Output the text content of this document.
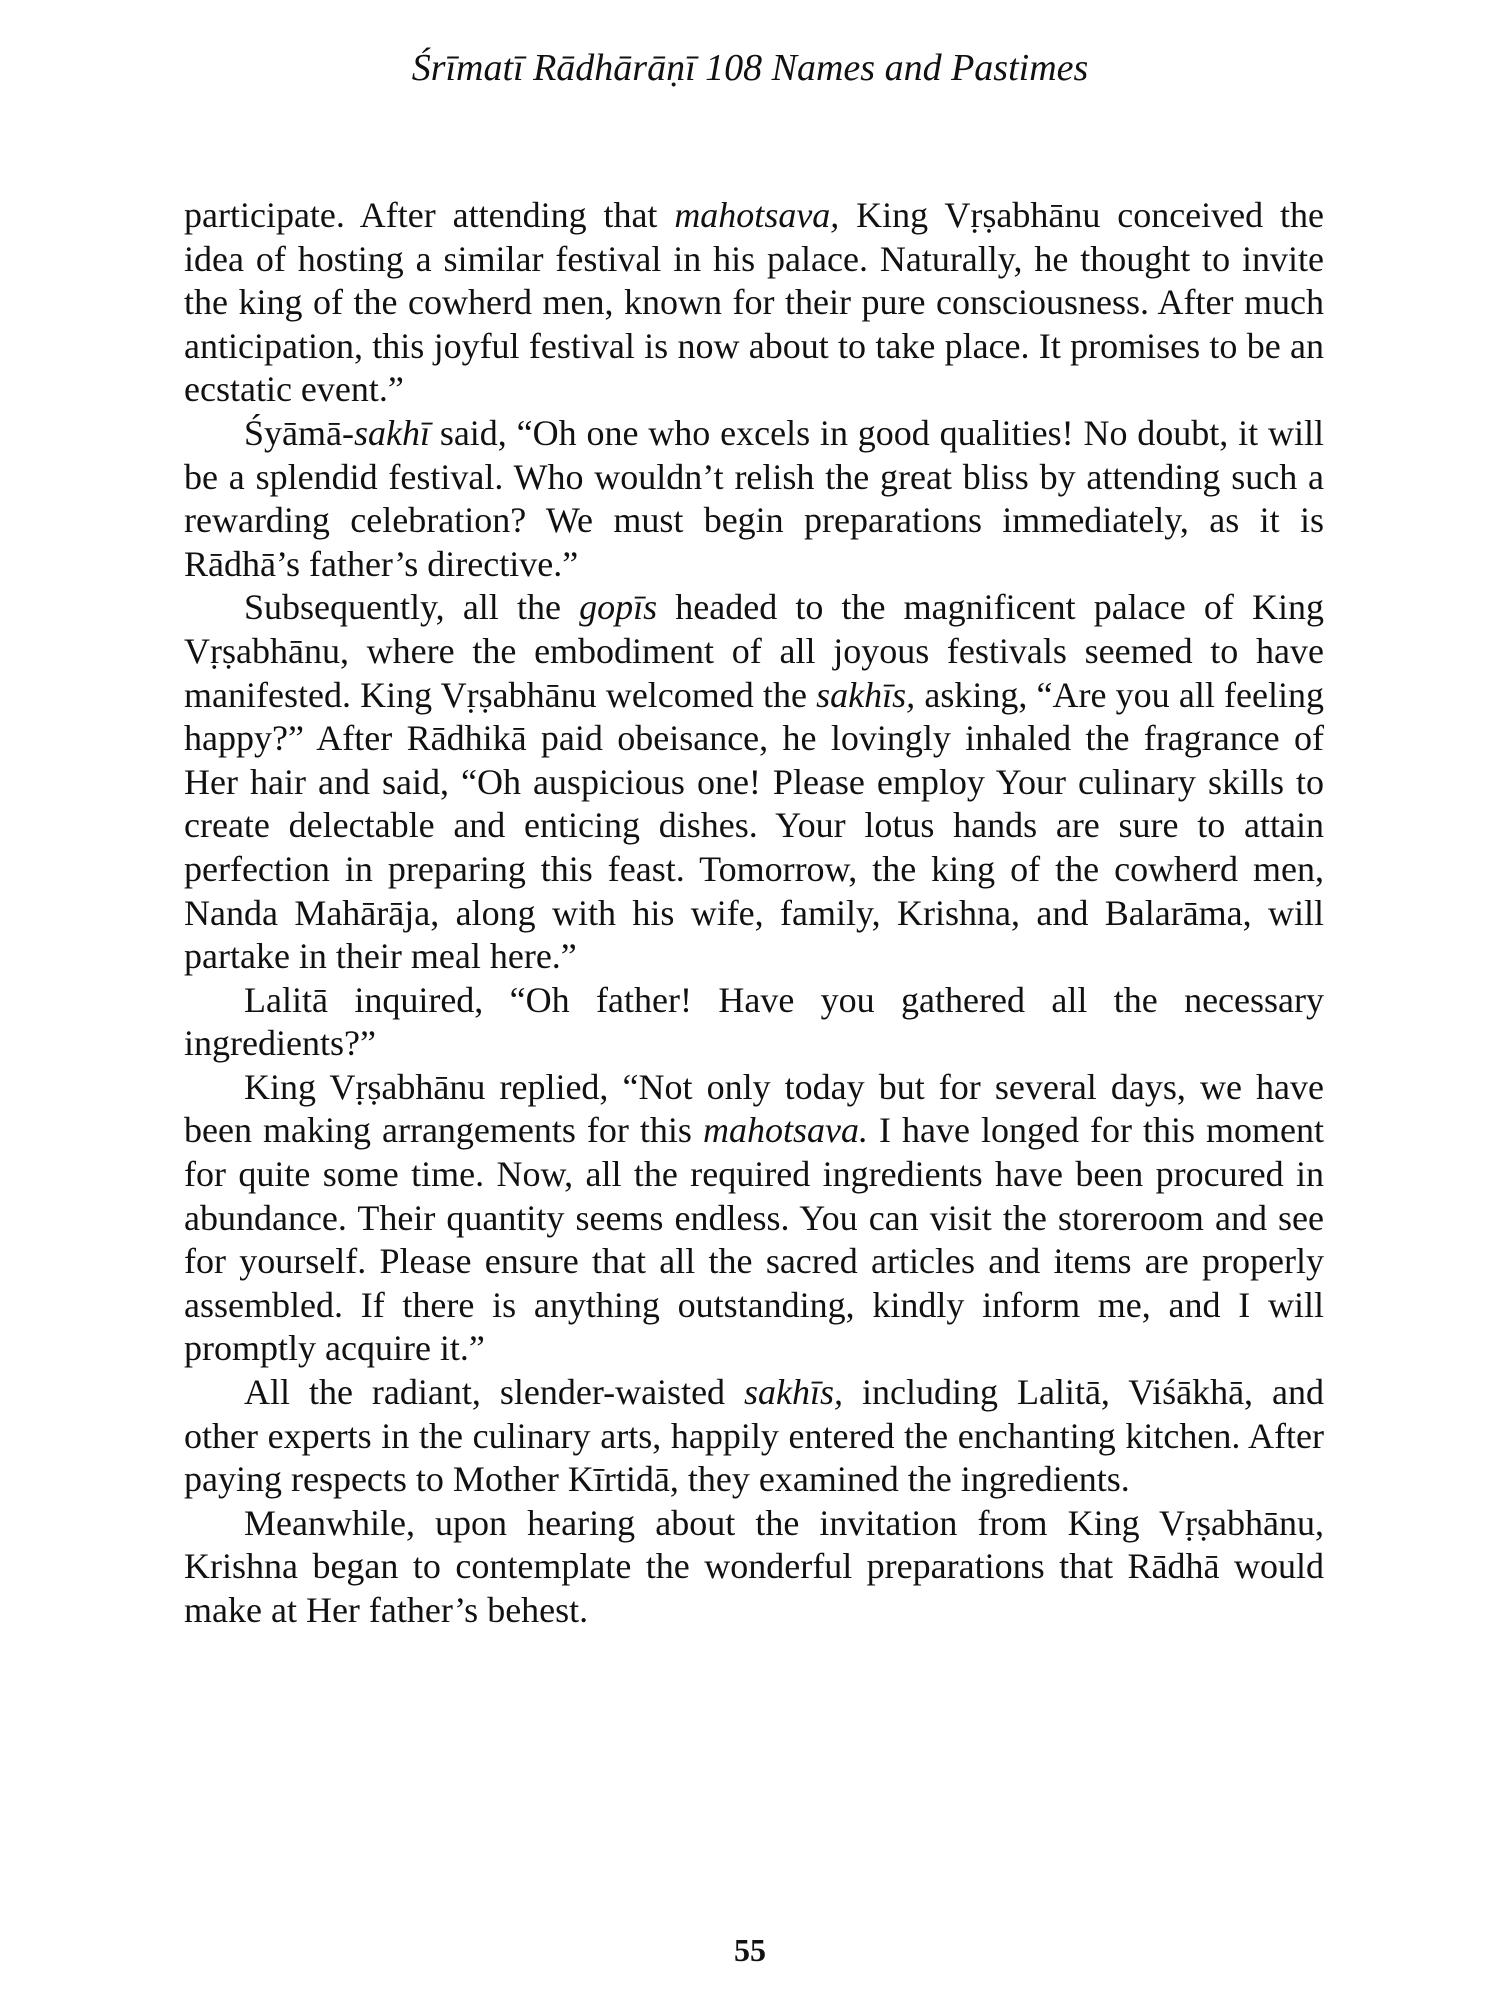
Śrīmatī Rādhārāṇī 108 Names and Pastimes

participate. After attending that mahotsava, King Vṛṣabhānu conceived the idea of hosting a similar festival in his palace. Naturally, he thought to invite the king of the cowherd men, known for their pure consciousness. After much anticipation, this joyful festival is now about to take place. It promises to be an ecstatic event.”

Śyāmā-sakhī said, “Oh one who excels in good qualities! No doubt, it will be a splendid festival. Who wouldn’t relish the great bliss by attending such a rewarding celebration? We must begin preparations immediately, as it is Rādhā’s father’s directive.”

Subsequently, all the gopīs headed to the magnificent palace of King Vṛṣabhānu, where the embodiment of all joyous festivals seemed to have manifested. King Vṛṣabhānu welcomed the sakhīs, asking, “Are you all feeling happy?” After Rādhikā paid obeisance, he lovingly inhaled the fragrance of Her hair and said, “Oh auspicious one! Please employ Your culinary skills to create delectable and enticing dishes. Your lotus hands are sure to attain perfection in preparing this feast. Tomorrow, the king of the cowherd men, Nanda Mahārāja, along with his wife, family, Krishna, and Balarāma, will partake in their meal here.”

Lalitā inquired, “Oh father! Have you gathered all the necessary ingredients?”

King Vṛṣabhānu replied, “Not only today but for several days, we have been making arrangements for this mahotsava. I have longed for this moment for quite some time. Now, all the required ingredients have been procured in abundance. Their quantity seems endless. You can visit the storeroom and see for yourself. Please ensure that all the sacred articles and items are properly assembled. If there is anything outstanding, kindly inform me, and I will promptly acquire it.”

All the radiant, slender-waisted sakhīs, including Lalitā, Viśākhā, and other experts in the culinary arts, happily entered the enchanting kitchen. After paying respects to Mother Kīrtidā, they examined the ingredients.

Meanwhile, upon hearing about the invitation from King Vṛṣabhānu, Krishna began to contemplate the wonderful preparations that Rādhā would make at Her father’s behest.

55
